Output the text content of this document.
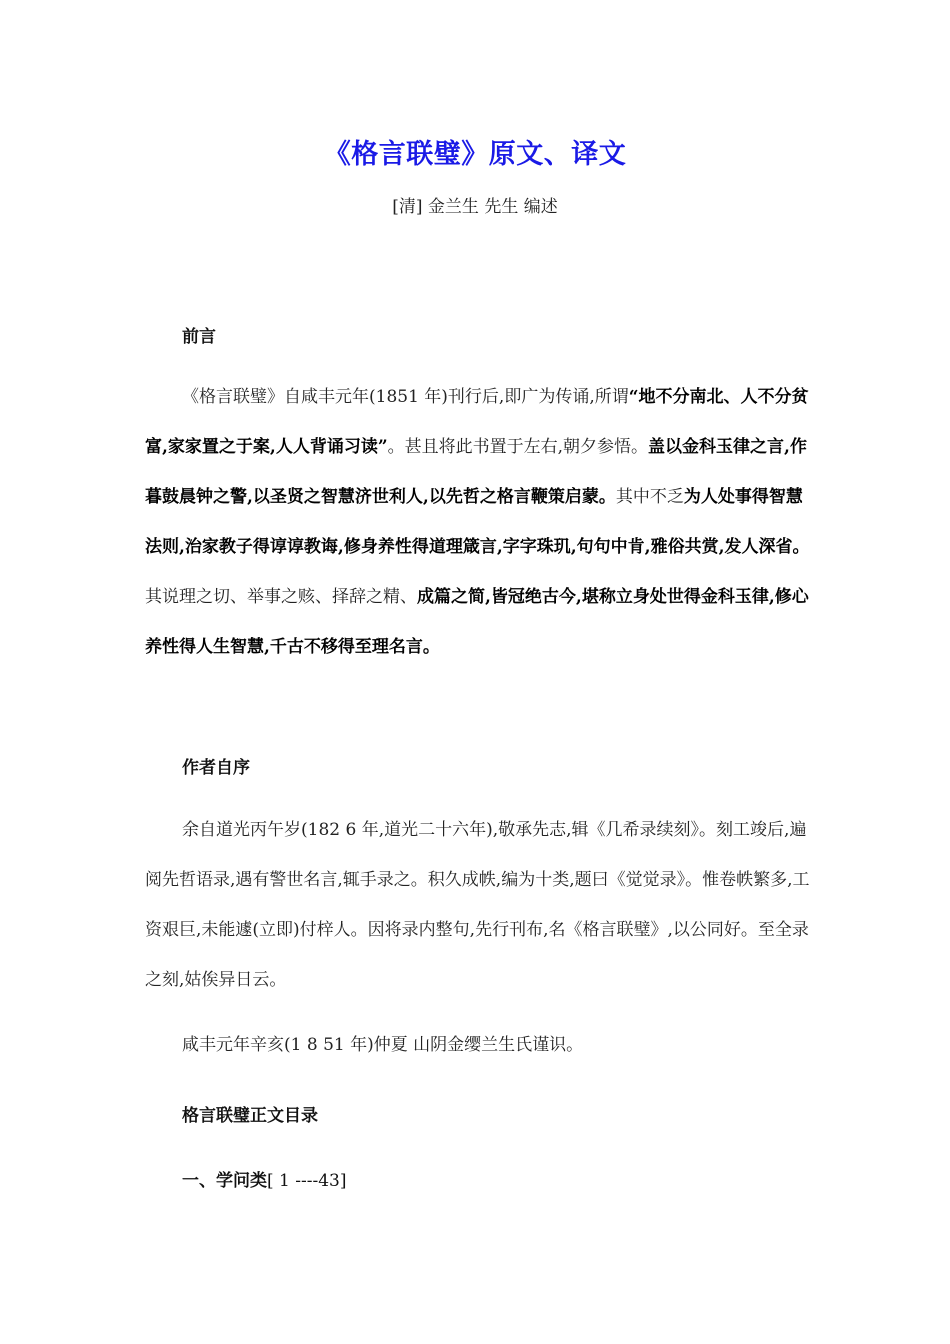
《格言联璧》原文、译文
[清] 金兰生 先生 编述
前言
《格言联璧》自咸丰元年(1851 年)刊行后,即广为传诵,所谓“地不分南北、人不分贫富,家家置之于案,人人背诵习读”。甚且将此书置于左右,朝夕参悟。盖以金科玉律之言,作暮鼓晨钟之警,以圣贤之智慧济世利人,以先哲之格言鞭策启蒙。其中不乏为人处事得智慧法则,治家教子得谆谆教诲,修身养性得道理箴言,字字珠玑,句句中肯,雅俗共赏,发人深省。其说理之切、举事之赅、择辞之精、成篇之简,皆冠绝古今,堪称立身处世得金科玉律,修心养性得人生智慧,千古不移得至理名言。
作者自序
余自道光丙午岁(182 6 年,道光二十六年),敬承先志,辑《几希录续刻》。刻工竣后,遍阅先哲语录,遇有警世名言,辄手录之。积久成帙,编为十类,题曰《觉觉录》。惟卷帙繁多,工资艰巨,未能遽(立即)付梓人。因将录内整句,先行刊布,名《格言联璧》,以公同好。至全录之刻,姑俟异日云。
咸丰元年辛亥(1 8 51 年)仲夏 山阴金缨兰生氏谨识。
格言联璧正文目录
一、学问类[ 1 ----43]
